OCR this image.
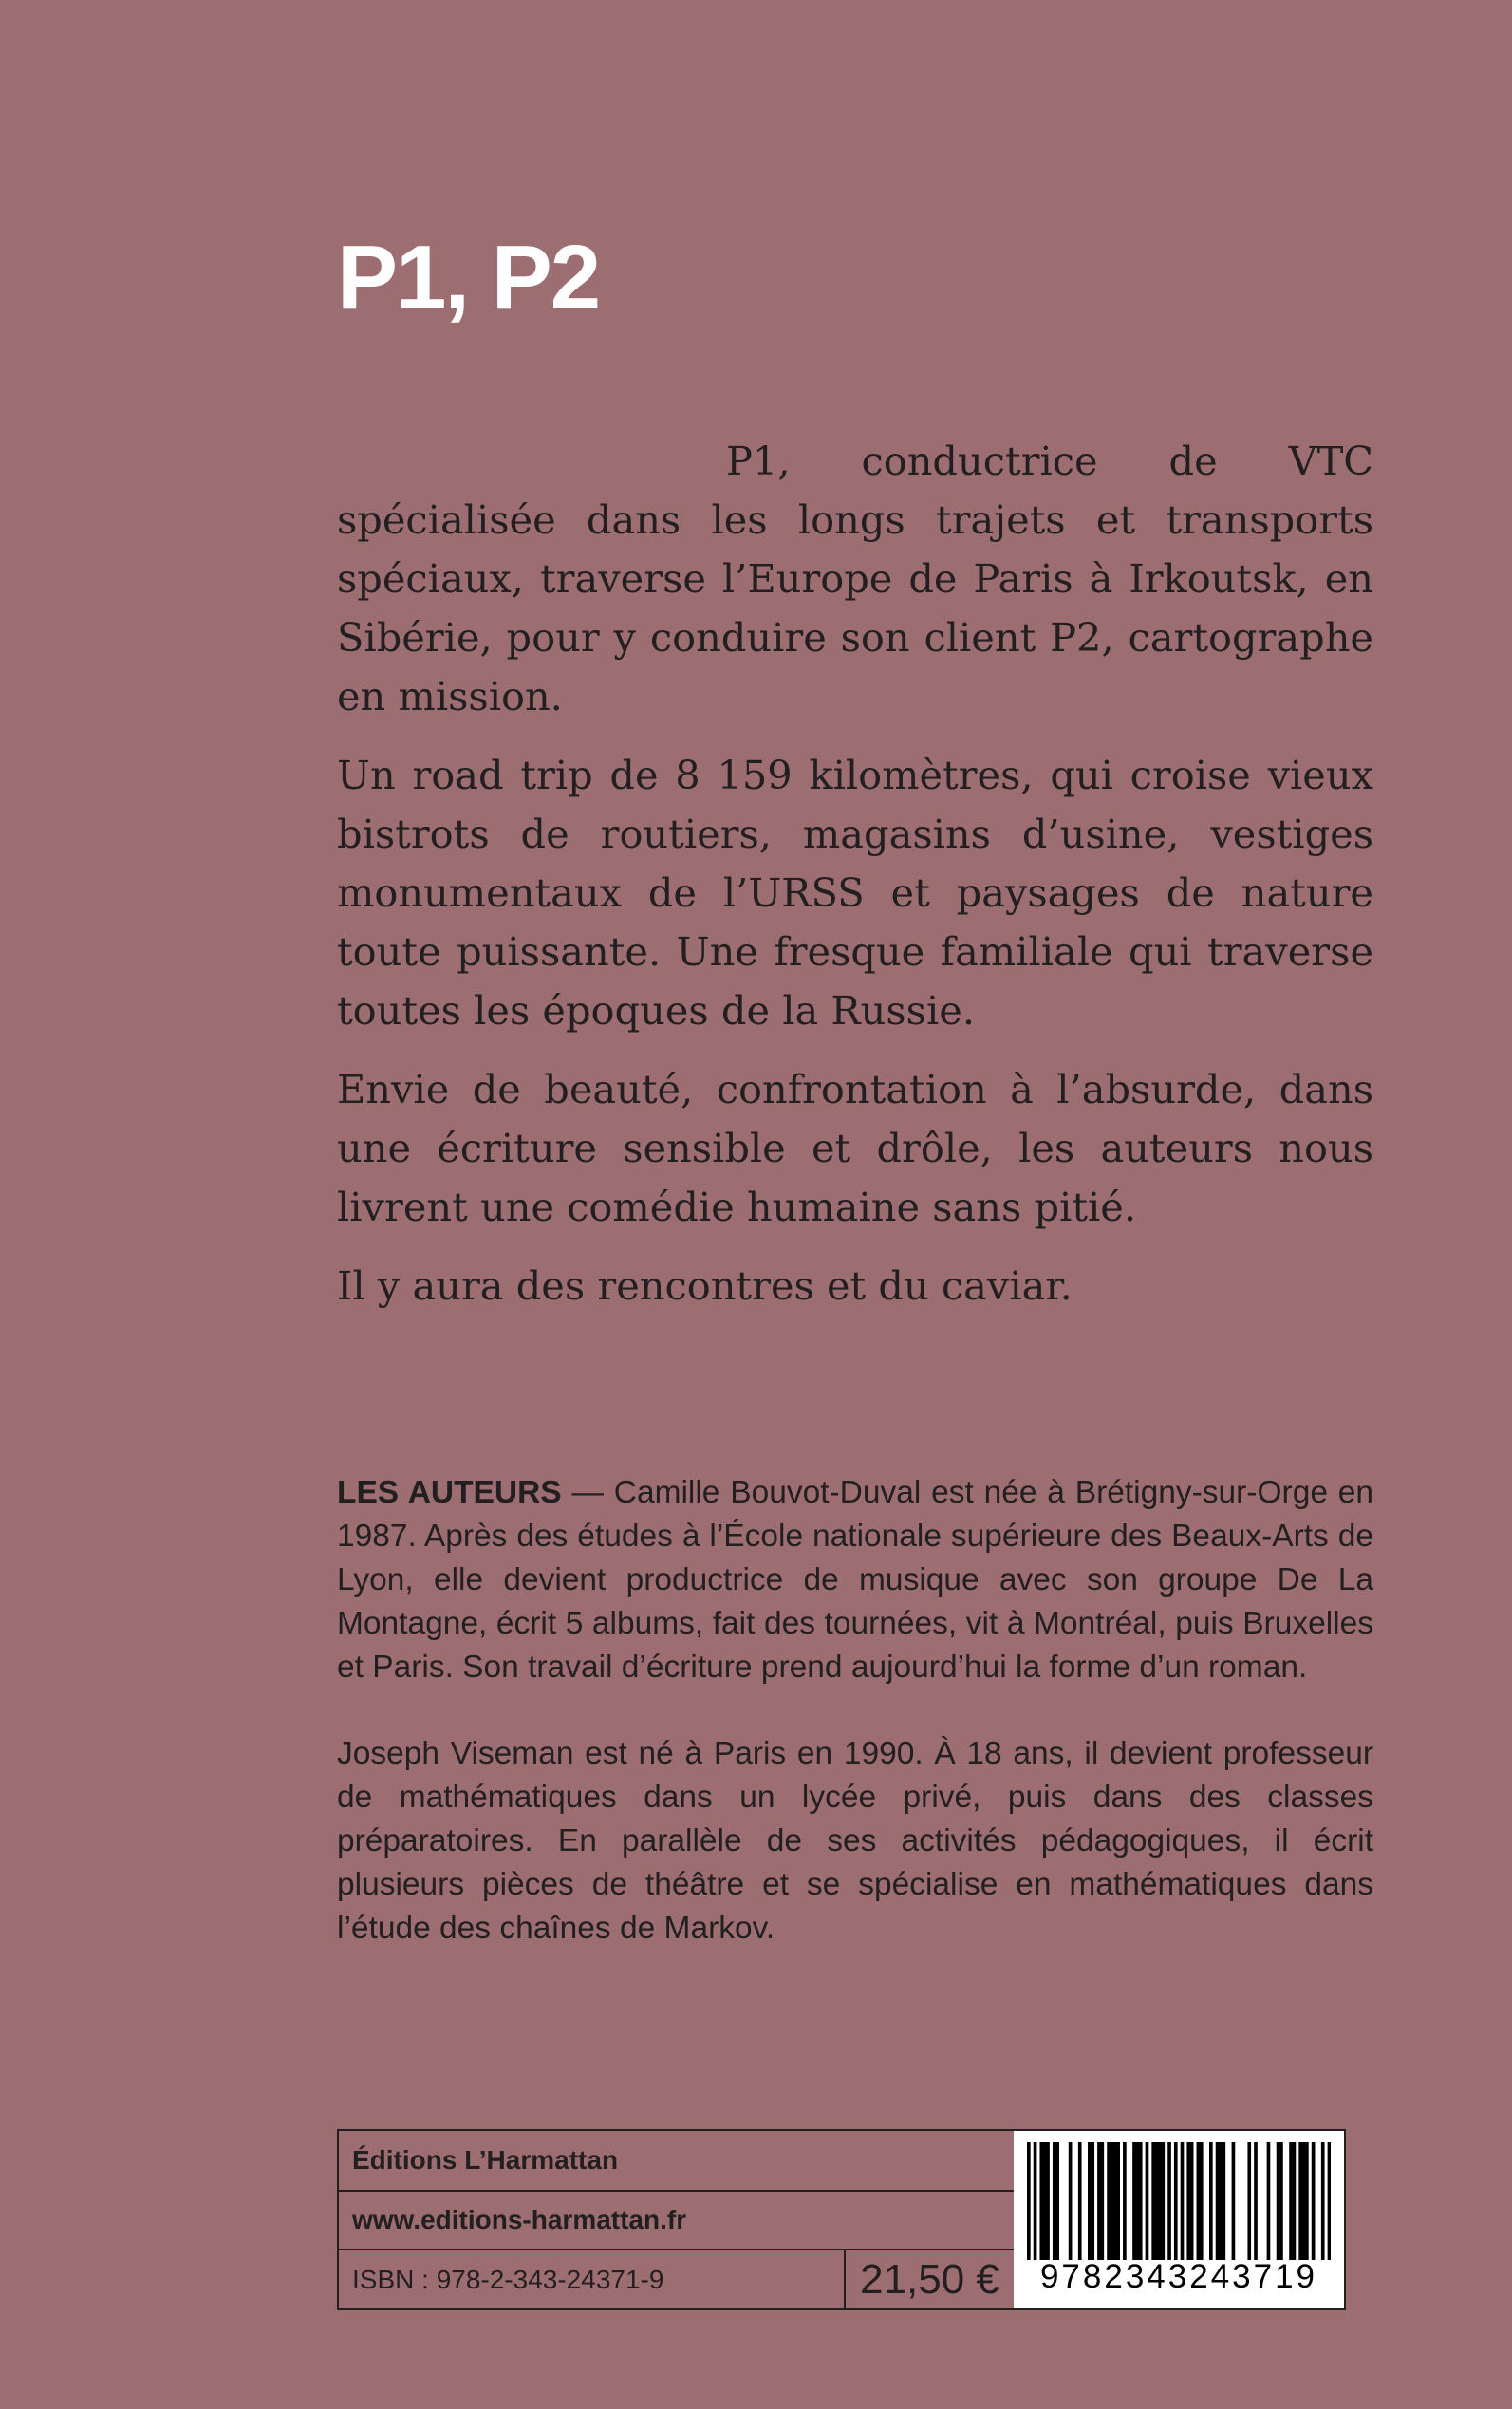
P1, P2

P1, conductrice de VTC spécialisée dans les longs trajets et transports spéciaux, traverse l’Europe de Paris à Irkoutsk, en Sibérie, pour y conduire son client P2, cartographe en mission.

Un road trip de 8 159 kilomètres, qui croise vieux bistrots de routiers, magasins d’usine, vestiges monumentaux de l’URSS et paysages de nature toute puissante. Une fresque familiale qui traverse toutes les époques de la Russie.

Envie de beauté, confrontation à l’absurde, dans une écriture sensible et drôle, les auteurs nous livrent une comédie humaine sans pitié.

Il y aura des rencontres et du caviar.

LES AUTEURS — Camille Bouvot-Duval est née à Brétigny-sur-Orge en 1987. Après des études à l’École nationale supérieure des Beaux-Arts de Lyon, elle devient productrice de musique avec son groupe De La Montagne, écrit 5 albums, fait des tournées, vit à Montréal, puis Bruxelles et Paris. Son travail d’écriture prend aujourd’hui la forme d’un roman.

Joseph Viseman est né à Paris en 1990. À 18 ans, il devient professeur de mathématiques dans un lycée privé, puis dans des classes préparatoires. En parallèle de ses activités pédagogiques, il écrit plusieurs pièces de théâtre et se spécialise en mathématiques dans l’étude des chaînes de Markov.

Éditions L’Harmattan
www.editions-harmattan.fr
ISBN : 978-2-343-24371-9	21,50 €	9782343243719
